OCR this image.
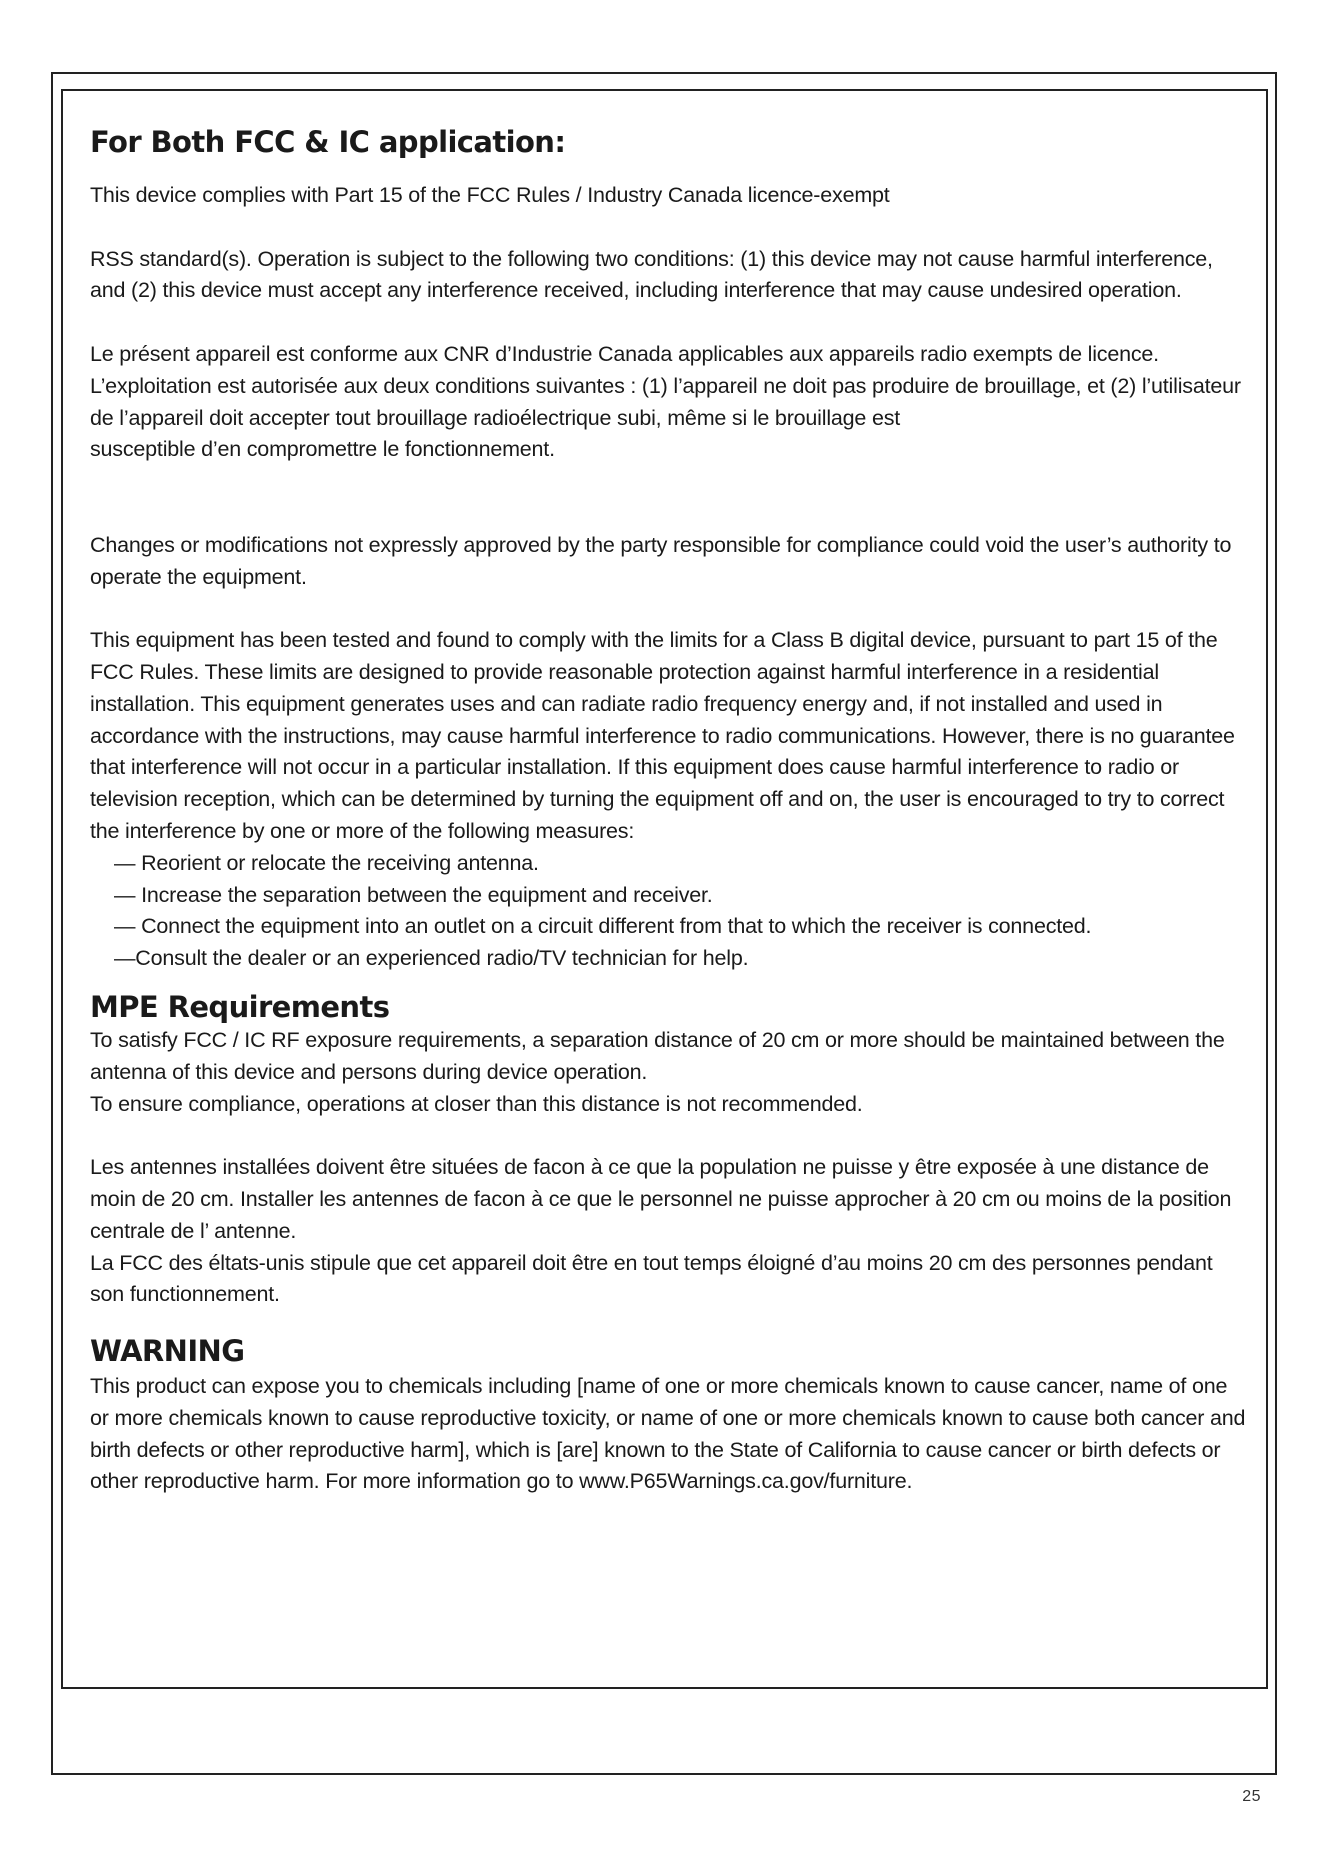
For Both FCC & IC application:

This device complies with Part 15 of the FCC Rules / Industry Canada licence-exempt

RSS standard(s). Operation is subject to the following two conditions: (1) this device may not cause harmful interference, and (2) this device must accept any interference received, including interference that may cause undesired operation.

Le présent appareil est conforme aux CNR d’Industrie Canada applicables aux appareils radio exempts de licence. L’exploitation est autorisée aux deux conditions suivantes : (1) l’appareil ne doit pas produire de brouillage, et (2) l’utilisateur de l’appareil doit accepter tout brouillage radioélectrique subi, même si le brouillage est

susceptible d’en compromettre le fonctionnement.

Changes or modifications not expressly approved by the party responsible for compliance could void the user’s authority to operate the equipment.

This equipment has been tested and found to comply with the limits for a Class B digital device, pursuant to part 15 of the FCC Rules. These limits are designed to provide reasonable protection against harmful interference in a residential installation. This equipment generates uses and can radiate radio frequency energy and, if not installed and used in accordance with the instructions, may cause harmful interference to radio communications. However, there is no guarantee that interference will not occur in a particular installation. If this equipment does cause harmful interference to radio or television reception, which can be determined by turning the equipment off and on, the user is encouraged to try to correct the interference by one or more of the following measures:

— Reorient or relocate the receiving antenna.

— Increase the separation between the equipment and receiver.

— Connect the equipment into an outlet on a circuit different from that to which the receiver is connected.

—Consult the dealer or an experienced radio/TV technician for help.

MPE Requirements

To satisfy FCC / IC RF exposure requirements, a separation distance of 20 cm or more should be maintained between the antenna of this device and persons during device operation.

To ensure compliance, operations at closer than this distance is not recommended.

Les antennes installées doivent être situées de facon à ce que la population ne puisse y être exposée à une distance de moin de 20 cm. Installer les antennes de facon à ce que le personnel ne puisse approcher à 20 cm ou moins de la position centrale de l’ antenne.

La FCC des éltats-unis stipule que cet appareil doit être en tout temps éloigné d’au moins 20 cm des personnes pendant son functionnement.

WARNING

This product can expose you to chemicals including [name of one or more chemicals known to cause cancer, name of one or more chemicals known to cause reproductive toxicity, or name of one or more chemicals known to cause both cancer and birth defects or other reproductive harm], which is [are] known to the State of California to cause cancer or birth defects or other reproductive harm. For more information go to www.P65Warnings.ca.gov/furniture.

25
